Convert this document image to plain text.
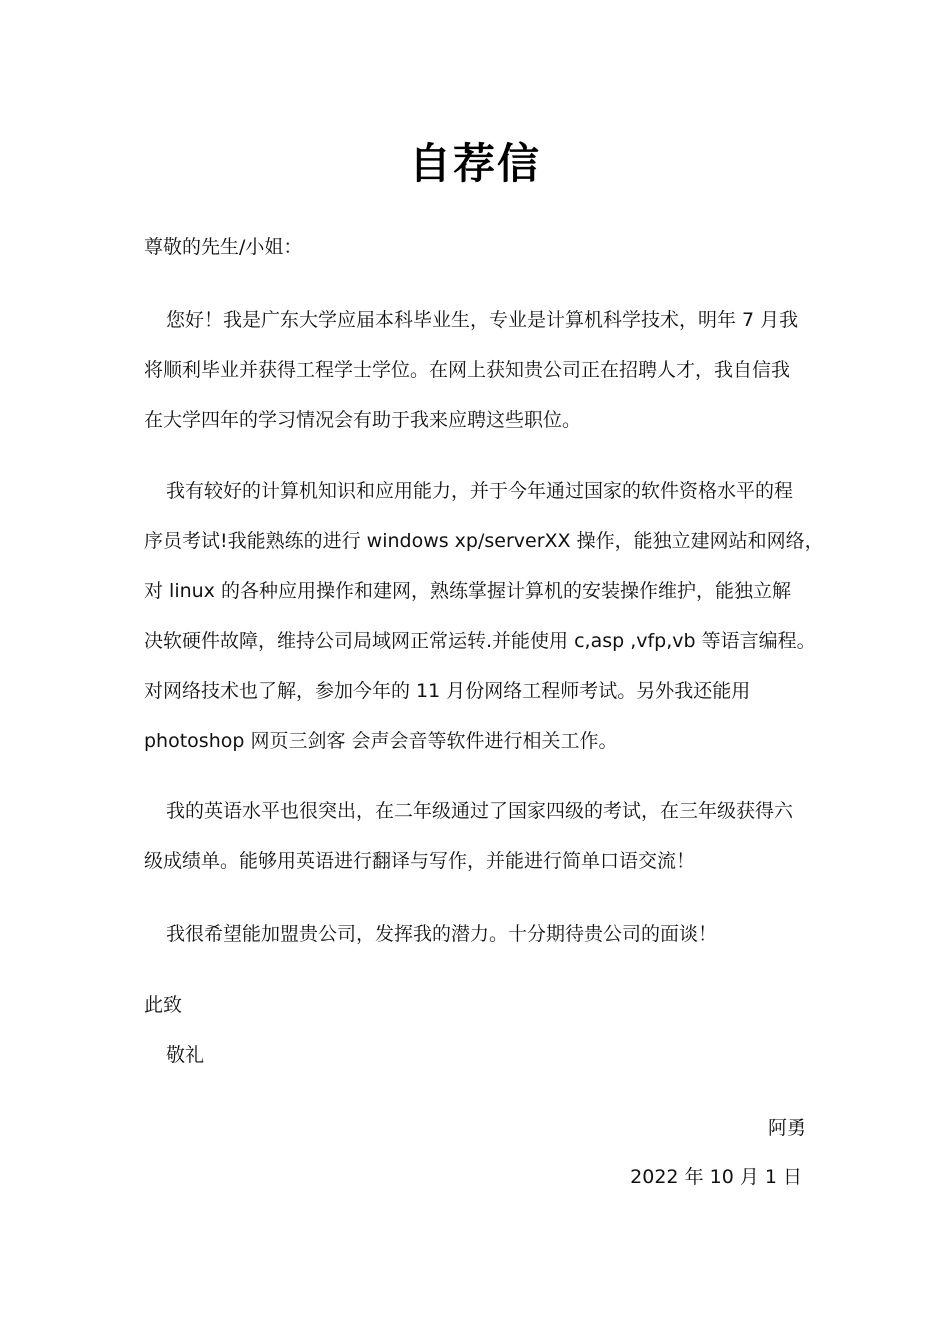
自荐信
尊敬的先生/小姐：
您好！我是广东大学应届本科毕业生，专业是计算机科学技术，明年 7 月我
将顺利毕业并获得工程学士学位。在网上获知贵公司正在招聘人才，我自信我
在大学四年的学习情况会有助于我来应聘这些职位。
我有较好的计算机知识和应用能力，并于今年通过国家的软件资格水平的程
序员考试!我能熟练的进行 windows xp/serverXX 操作，能独立建网站和网络，
对 linux 的各种应用操作和建网，熟练掌握计算机的安装操作维护，能独立解
决软硬件故障，维持公司局域网正常运转.并能使用 c,asp ,vfp,vb 等语言编程。
对网络技术也了解，参加今年的 11 月份网络工程师考试。另外我还能用
photoshop 网页三剑客 会声会音等软件进行相关工作。
我的英语水平也很突出，在二年级通过了国家四级的考试，在三年级获得六
级成绩单。能够用英语进行翻译与写作，并能进行简单口语交流！
我很希望能加盟贵公司，发挥我的潜力。十分期待贵公司的面谈！
此致
敬礼
阿勇
2022 年 10 月 1 日
